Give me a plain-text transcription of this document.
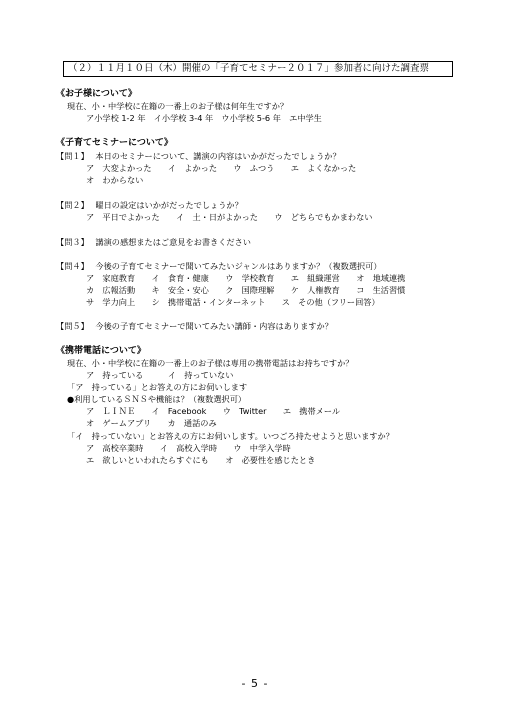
（２）１１月１０日（木）開催の「子育てセミナー２０１７」参加者に向けた調査票
《お子様について》
現在、小・中学校に在籍の一番上のお子様は何年生ですか？
ア小学校 1-2 年　イ小学校 3-4 年　ウ小学校 5-6 年　エ中学生
《子育てセミナーについて》
【問１】 本日のセミナーについて、講演の内容はいかがだったでしょうか？
ア　大変よかった　　イ　よかった　　ウ　ふつう　　エ　よくなかった
オ　わからない
【問２】 曜日の設定はいかがだったでしょうか？
ア　平日でよかった　　イ　土・日がよかった　　ウ　どちらでもかまわない
【問３】 講演の感想またはご意見をお書きください
【問４】 今後の子育てセミナーで聞いてみたいジャンルはありますか？（複数選択可）
ア　家庭教育　　イ　食育・健康　　ウ　学校教育　　エ　組織運営　　オ　地域連携
カ　広報活動　　キ　安全・安心　　ク　国際理解　　ケ　人権教育　　コ　生活習慣
サ　学力向上　　シ　携帯電話・インターネット　　ス　その他（フリー回答）
【問５】 今後の子育てセミナーで聞いてみたい講師・内容はありますか？
《携帯電話について》
現在、小・中学校に在籍の一番上のお子様は専用の携帯電話はお持ちですか？
ア　持っている　　　イ　持っていない
「ア　持っている」とお答えの方にお伺いします
●利用しているＳＮＳや機能は？（複数選択可）
ア　ＬＩＮＥ　　イ　Facebook　　ウ　Twitter　　エ　携帯メール
オ　ゲームアプリ　　カ　通話のみ
「イ　持っていない」とお答えの方にお伺いします。いつごろ持たせようと思いますか？
ア　高校卒業時　　イ　高校入学時　　ウ　中学入学時
エ　欲しいといわれたらすぐにも　　オ　必要性を感じたとき
- 5 -
